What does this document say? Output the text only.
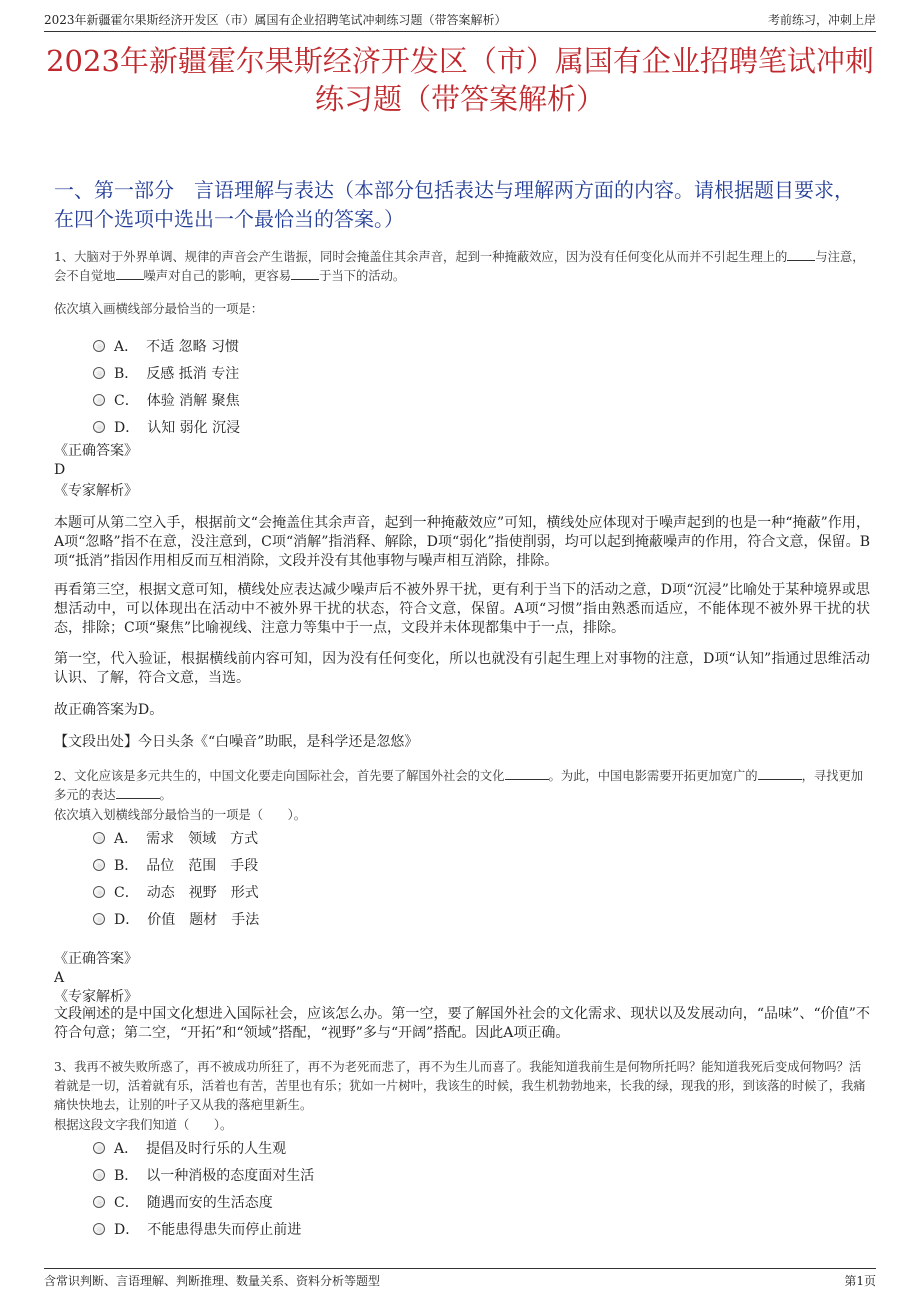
2023年新疆霍尔果斯经济开发区（市）属国有企业招聘笔试冲刺练习题（带答案解析）	考前练习，冲刺上岸
2023年新疆霍尔果斯经济开发区（市）属国有企业招聘笔试冲刺练习题（带答案解析）
一、第一部分　言语理解与表达（本部分包括表达与理解两方面的内容。请根据题目要求，在四个选项中选出一个最恰当的答案。）
1、大脑对于外界单调、规律的声音会产生谐振，同时会掩盖住其余声音，起到一种掩蔽效应，因为没有任何变化从而并不引起生理上的 与注意，会不自觉地 噪声对自己的影响，更容易 于当下的活动。
依次填入画横线部分最恰当的一项是：
A． 不适 忽略 习惯
B． 反感 抵消 专注
C． 体验 消解 聚焦
D． 认知 弱化 沉浸
《正确答案》
D
《专家解析》
本题可从第二空入手，根据前文“会掩盖住其余声音，起到一种掩蔽效应”可知，横线处应体现对于噪声起到的也是一种“掩蔽”作用，A项“忽略”指不在意，没注意到，C项“消解”指消释、解除，D项“弱化”指使削弱，均可以起到掩蔽噪声的作用，符合文意，保留。B项“抵消”指因作用相反而互相消除，文段并没有其他事物与噪声相互消除，排除。
再看第三空，根据文意可知，横线处应表达减少噪声后不被外界干扰，更有利于当下的活动之意，D项“沉浸”比喻处于某种境界或思想活动中，可以体现出在活动中不被外界干扰的状态，符合文意，保留。A项“习惯”指由熟悉而适应，不能体现不被外界干扰的状态，排除；C项“聚焦”比喻视线、注意力等集中于一点，文段并未体现都集中于一点，排除。
第一空，代入验证，根据横线前内容可知，因为没有任何变化，所以也就没有引起生理上对事物的注意，D项“认知”指通过思维活动认识、了解，符合文意，当选。
故正确答案为D。
【文段出处】今日头条《“白噪音”助眠，是科学还是忽悠》
2、文化应该是多元共生的，中国文化要走向国际社会，首先要了解国外社会的文化	。为此，中国电影需要开拓更加宽广的	，寻找更加多元的表达	。
依次填入划横线部分最恰当的一项是（　　）。
A． 需求　领域　方式
B． 品位　范围　手段
C． 动态　视野　形式
D． 价值　题材　手法
《正确答案》
A
《专家解析》
文段阐述的是中国文化想进入国际社会，应该怎么办。第一空，要了解国外社会的文化需求、现状以及发展动向，“品味”、“价值”不符合句意；第二空，“开拓”和“领域”搭配，“视野”多与“开阔”搭配。因此A项正确。
3、我再不被失败所惑了，再不被成功所狂了，再不为老死而悲了，再不为生儿而喜了。我能知道我前生是何物所托吗？能知道我死后变成何物吗？活着就是一切，活着就有乐，活着也有苦，苦里也有乐；犹如一片树叶，我该生的时候，我生机勃勃地来，长我的绿，现我的形，到该落的时候了，我痛痛快快地去，让别的叶子又从我的落疤里新生。
根据这段文字我们知道（　　）。
A． 提倡及时行乐的人生观
B． 以一种消极的态度面对生活
C． 随遇而安的生活态度
D． 不能患得患失而停止前进
含常识判断、言语理解、判断推理、数量关系、资料分析等题型	第1页
